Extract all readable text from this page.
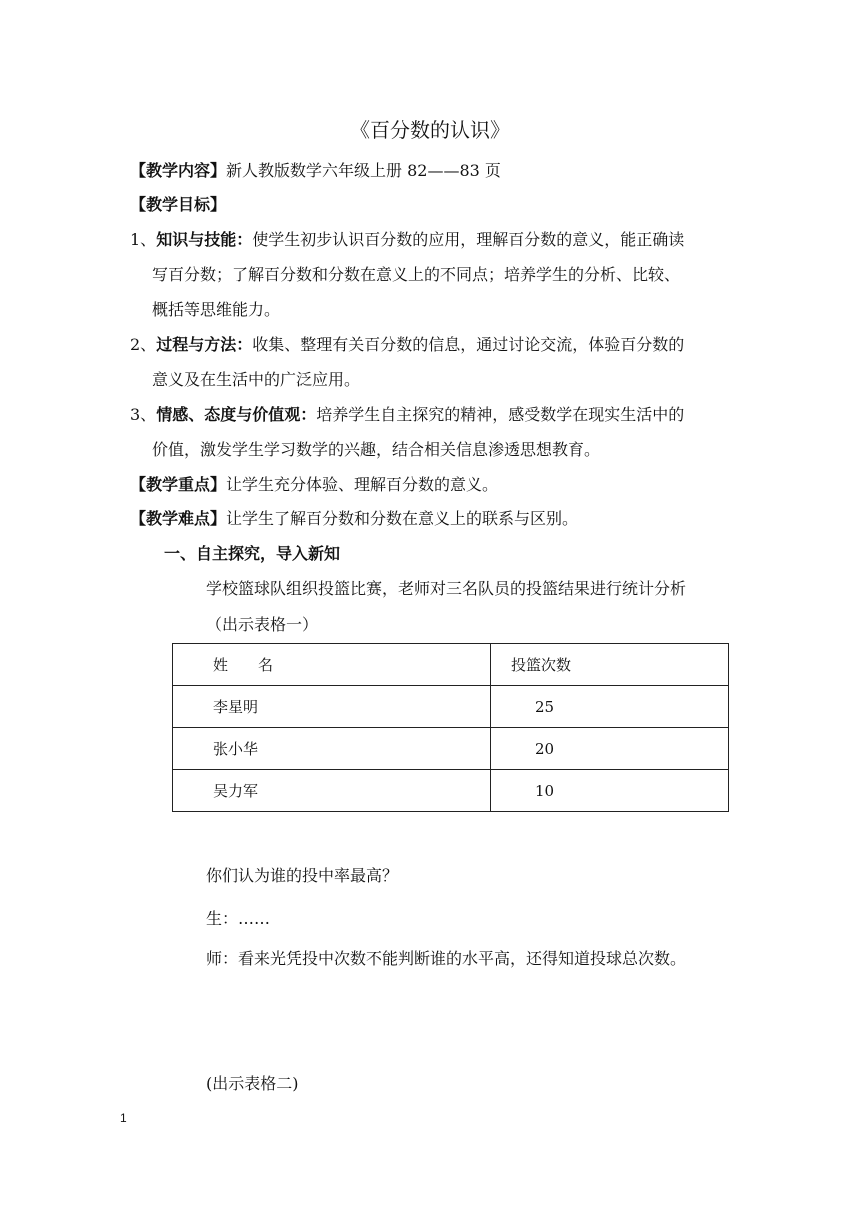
《百分数的认识》
【教学内容】新人教版数学六年级上册 82——83 页
【教学目标】
1、知识与技能：使学生初步认识百分数的应用，理解百分数的意义，能正确读
写百分数；了解百分数和分数在意义上的不同点；培养学生的分析、比较、
概括等思维能力。
2、过程与方法：收集、整理有关百分数的信息，通过讨论交流，体验百分数的
意义及在生活中的广泛应用。
3、情感、态度与价值观：培养学生自主探究的精神，感受数学在现实生活中的
价值，激发学生学习数学的兴趣，结合相关信息渗透思想教育。
【教学重点】让学生充分体验、理解百分数的意义。
【教学难点】让学生了解百分数和分数在意义上的联系与区别。
一、自主探究，导入新知
学校篮球队组织投篮比赛，老师对三名队员的投篮结果进行统计分析
（出示表格一）
姓　　名	投篮次数
李星明	25
张小华	20
吴力军	10
你们认为谁的投中率最高？
生：……
师：看来光凭投中次数不能判断谁的水平高，还得知道投球总次数。
(出示表格二)
1
